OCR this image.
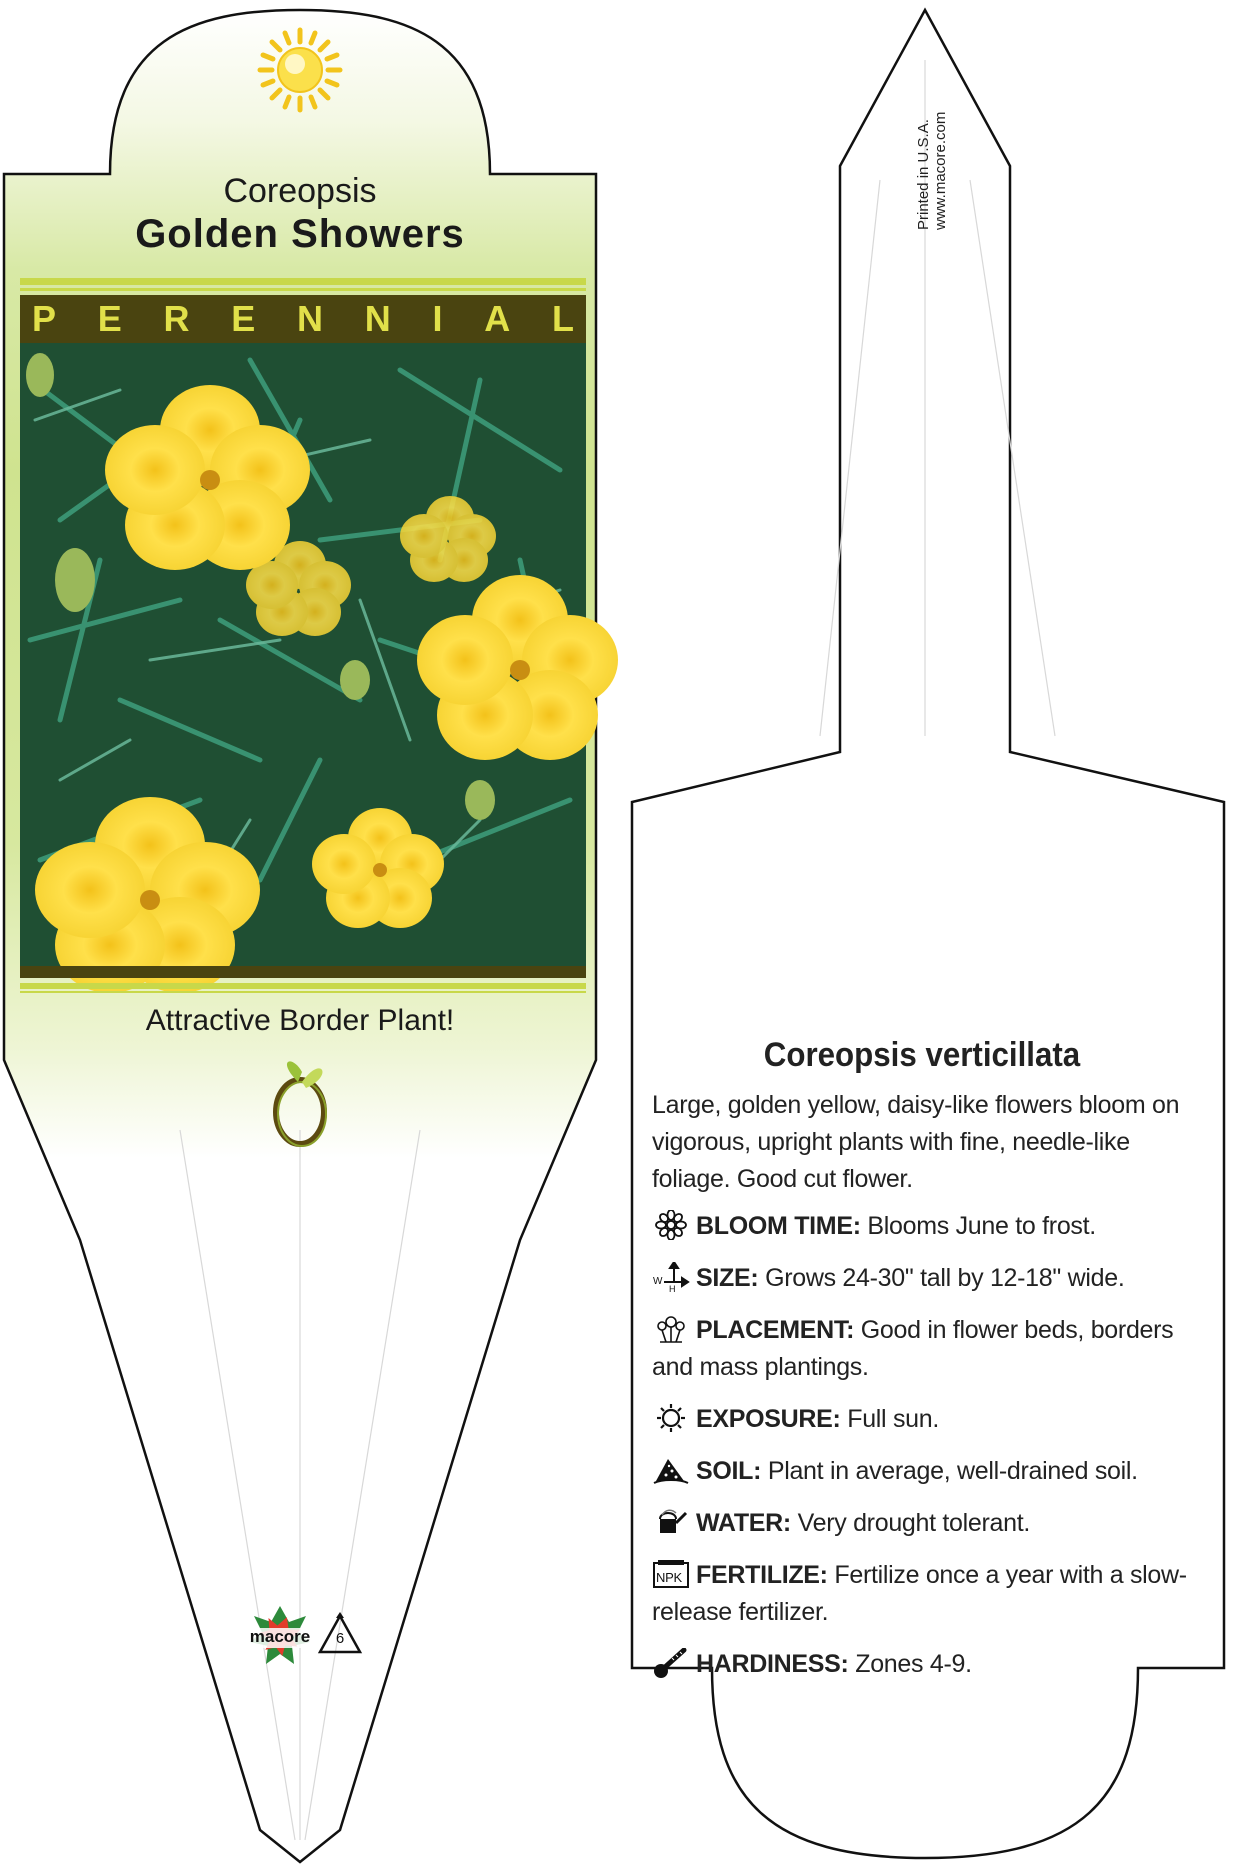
Coreopsis
Golden Showers
P E R E N N I A L
Attractive Border Plant!
Printed in U.S.A. www.macore.com
Coreopsis verticillata
Large, golden yellow, daisy-like flowers bloom on vigorous, upright plants with fine, needle-like foliage. Good cut flower.
BLOOM TIME: Blooms June to frost.
W
H SIZE: Grows 24-30" tall by 12-18" wide.
PLACEMENT: Good in flower beds, borders and mass plantings.
EXPOSURE: Full sun.
SOIL: Plant in average, well-drained soil.
WATER: Very drought tolerant.
NPK FERTILIZE: Fertilize once a year with a slow-release fertilizer.
HARDINESS: Zones 4-9.
macore	6
